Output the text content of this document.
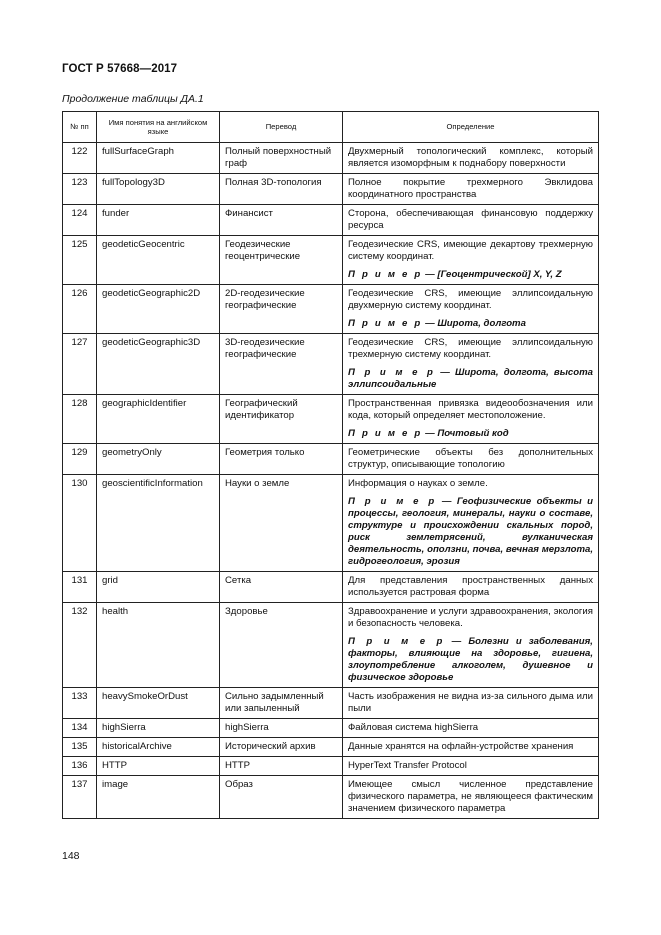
ГОСТ Р 57668—2017
Продолжение таблицы ДА.1
№ пп	Имя понятия на английском языке	Перевод	Определение
122	fullSurfaceGraph	Полный поверхностный граф	Двухмерный топологический комплекс, который является изоморфным к поднабору поверхности

123	fullTopology3D	Полная 3D-топология	Полное покрытие трехмерного Эвклидова координатного пространства

124	funder	Финансист	Сторона, обеспечивающая финансовую поддержку ресурса

125	geodeticGeocentric	Геодезические геоцентрические	Геодезические CRS, имеющие декартову трехмерную систему координат.

П р и м е р — [Геоцентрической] X, Y, Z

126	geodeticGeographic2D	2D-геодезические географические	Геодезические CRS, имеющие эллипсоидальную двухмерную систему координат.

П р и м е р — Широта, долгота

127	geodeticGeographic3D	3D-геодезические географические	Геодезические CRS, имеющие эллипсоидальную трехмерную систему координат.

П р и м е р — Широта, долгота, высота эллипсоидальные

128	geographicIdentifier	Географический идентификатор	Пространственная привязка видеообозначения или кода, который определяет местоположение.

П р и м е р — Почтовый код

129	geometryOnly	Геометрия только	Геометрические объекты без дополнительных структур, описывающие топологию

130	geoscientificInformation	Науки о земле	Информация о науках о земле.

П р и м е р — Геофизические объекты и процессы, геология, минералы, науки о составе, структуре и происхождении скальных пород, риск землетрясений, вулканическая деятельность, оползни, почва, вечная мерзлота, гидрогеология, эрозия

131	grid	Сетка	Для представления пространственных данных используется растровая форма

132	health	Здоровье	Здравоохранение и услуги здравоохранения, экология и безопасность человека.

П р и м е р — Болезни и заболевания, факторы, влияющие на здоровье, гигиена, злоупотребление алкоголем, душевное и физическое здоровье

133	heavySmokeOrDust	Сильно задымленный или запыленный	Часть изображения не видна из-за сильного дыма или пыли

134	highSierra	highSierra	Файловая система highSierra

135	historicalArchive	Исторический архив	Данные хранятся на офлайн-устройстве хранения

136	HTTP	HTTP	HyperText Transfer Protocol

137	image	Образ	Имеющее смысл численное представление физического параметра, не являющееся фактическим значением физического параметра

148
